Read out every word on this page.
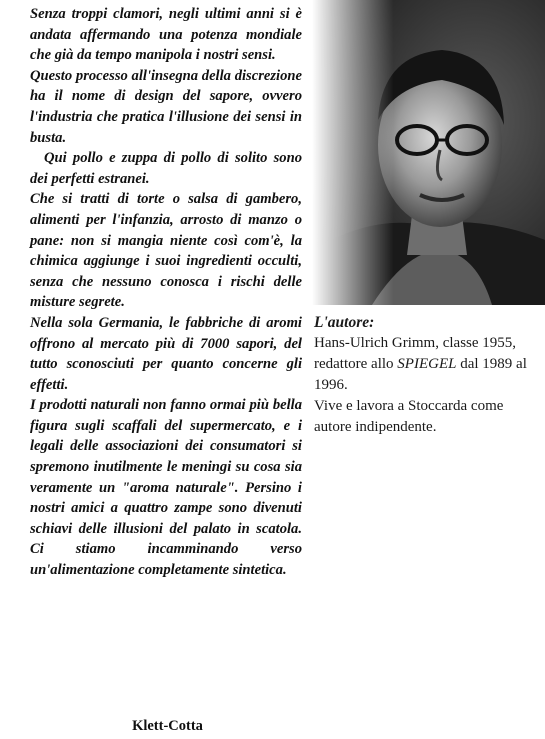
Senza troppi clamori, negli ultimi anni si è andata affermando una potenza mondiale che già da tempo manipola i nostri sensi.

Questo processo all'insegna della discrezione ha il nome di design del sapore, ovvero l'industria che pratica l'illusione dei sensi in busta.

Qui pollo e zuppa di pollo di solito sono dei perfetti estranei.

Che si tratti di torte o salsa di gambero, alimenti per l'infanzia, arrosto di manzo o pane: non si mangia niente così com'è, la chimica aggiunge i suoi ingredienti occulti, senza che nessuno conosca i rischi delle misture segrete.

Nella sola Germania, le fabbriche di aromi offrono al mercato più di 7000 sapori, del tutto sconosciuti per quanto concerne gli effetti.

I prodotti naturali non fanno ormai più bella figura sugli scaffali del supermercato, e i legali delle associazioni dei consumatori si spremono inutilmente le meningi su cosa sia veramente un "aroma naturale". Persino i nostri amici a quattro zampe sono divenuti schiavi delle illusioni del palato in scatola. Ci stiamo incamminando verso un'alimentazione completamente sintetica.

L'autore:

Hans-Ulrich Grimm, classe 1955, redattore allo SPIEGEL dal 1989 al 1996.

Vive e lavora a Stoccarda come autore indipendente.

Klett-Cotta
